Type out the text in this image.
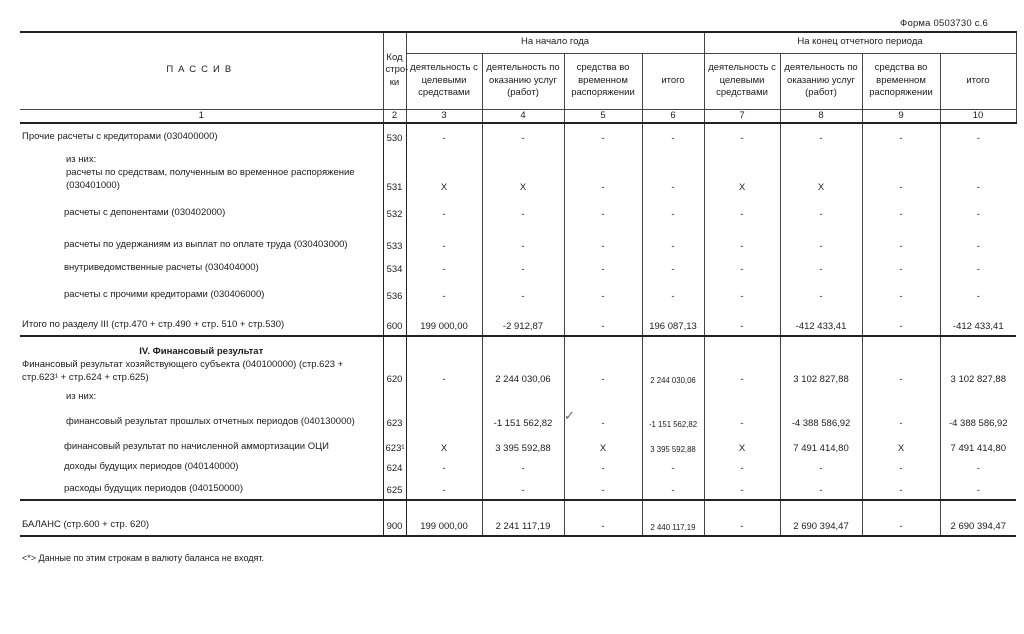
Форма 0503730 с.6
ПАССИВ	Код стро-ки	На начало года				На конец отчетного периода			
		деятельность с целевыми средствами	деятельность по оказанию услуг (работ)	средства во временном распоряжении	итого	деятельность с целевыми средствами	деятельность по оказанию услуг (работ)	средства во временном распоряжении	итого
1	2	3	4	5	6	7	8	9	10
Прочие расчеты с кредиторами (030400000)	530	-	-	-	-	-	-	-	-

из них:
расчеты по средствам, полученным во временное распоряжение (030401000)	531	X	X	-	-	X	X	-	-
расчеты с депонентами (030402000)	532	-	-	-	-	-	-	-	-
расчеты по удержаниям из выплат по оплате труда (030403000)	533	-	-	-	-	-	-	-	-
внутриведомственные расчеты (030404000)	534	-	-	-	-	-	-	-	-
расчеты с прочими кредиторами (030406000)	536	-	-	-	-	-	-	-	-
Итого по разделу III (стр.470 + стр.490 + стр. 510 + стр.530)	600	199 000,00	-2 912,87	-	196 087,13	-	-412 433,41	-	-412 433,41

IV. Финансовый результат
Финансовый результат хозяйствующего субъекта (040100000) (стр.623 + стр.623¹ + стр.624 + стр.625)	620	-	2 244 030,06	-	2 244 030,06	-	3 102 827,88	-	3 102 827,88

из них:
финансовый результат прошлых отчетных периодов (040130000)	623		-1 151 562,82	-	-1 151 562,82	-	-4 388 586,92	-	-4 388 586,92
финансовый результат по начисленной аммортизации ОЦИ	623¹	X	3 395 592,88	X	3 395 592,88	X	7 491 414,80	X	7 491 414,80
доходы будущих периодов (040140000)	624	-	-	-	-	-	-	-	-
расходы будущих периодов (040150000)	625	-	-	-	-	-	-	-	-
БАЛАНС (стр.600 + стр. 620)	900	199 000,00	2 241 117,19	-	2 440 117,19	-	2 690 394,47	-	2 690 394,47
✓
<*> Данные по этим строкам в валюту баланса не входят.
